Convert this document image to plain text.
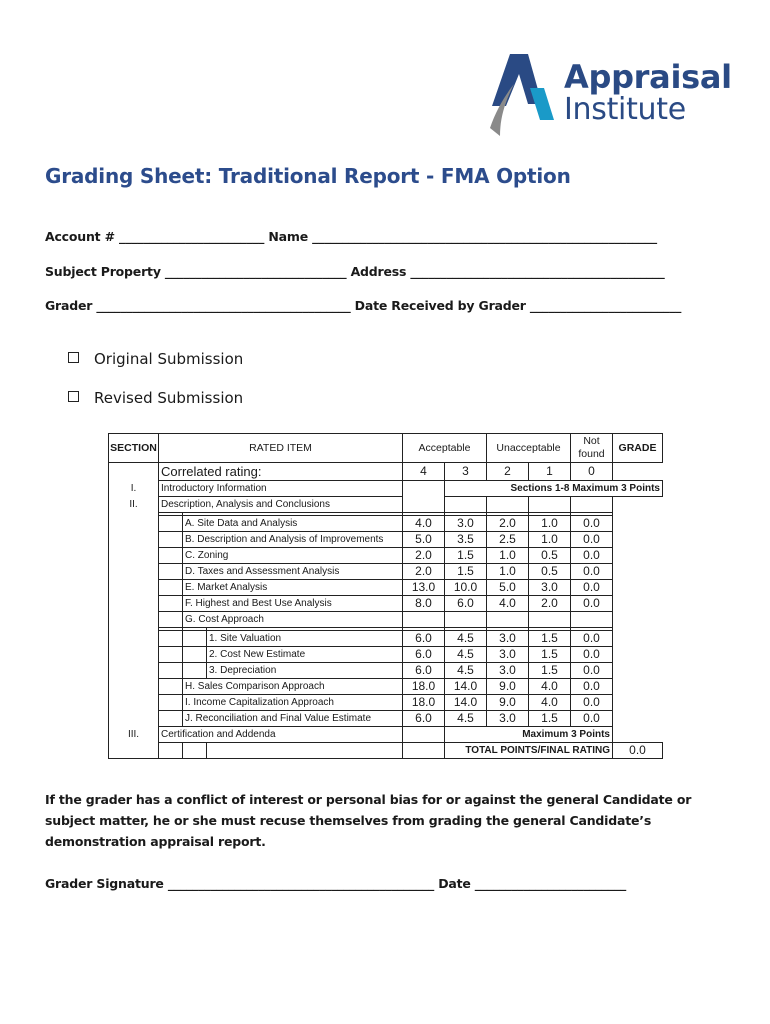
Appraisal
Institute
Grading Sheet: Traditional Report - FMA Option
Account # ________________________ Name _________________________________________________________
Subject Property ______________________________ Address __________________________________________
Grader __________________________________________ Date Received by Grader _________________________
Original Submission
Revised Submission
SECTION	RATED ITEM			Acceptable		Unacceptable		Not found	GRADE
	Correlated rating:			4	3	2	1	0	
I.	Introductory Information				Sections 1-8 Maximum 3 Points				
II.	Description, Analysis and Conclusions								

		A. Site Data and Analysis		4.0	3.0	2.0	1.0	0.0	
		B. Description and Analysis of Improvements		5.0	3.5	2.5	1.0	0.0	
		C. Zoning		2.0	1.5	1.0	0.5	0.0	
		D. Taxes and Assessment Analysis		2.0	1.5	1.0	0.5	0.0	
		E. Market Analysis		13.0	10.0	5.0	3.0	0.0	
		F. Highest and Best Use Analysis		8.0	6.0	4.0	2.0	0.0	
		G. Cost Approach							

			1. Site Valuation	6.0	4.5	3.0	1.5	0.0	
			2. Cost New Estimate	6.0	4.5	3.0	1.5	0.0	
			3. Depreciation	6.0	4.5	3.0	1.5	0.0	
		H. Sales Comparison Approach		18.0	14.0	9.0	4.0	0.0	
		I. Income Capitalization Approach		18.0	14.0	9.0	4.0	0.0	
		J. Reconciliation and Final Value Estimate		6.0	4.5	3.0	1.5	0.0	
III.	Certification and Addenda				Maximum 3 Points				
					TOTAL POINTS/FINAL RATING				0.0
If the grader has a conflict of interest or personal bias for or against the general Candidate or subject matter, he or she must recuse themselves from grading the general Candidate’s demonstration appraisal report.
Grader Signature ____________________________________________ Date _________________________
